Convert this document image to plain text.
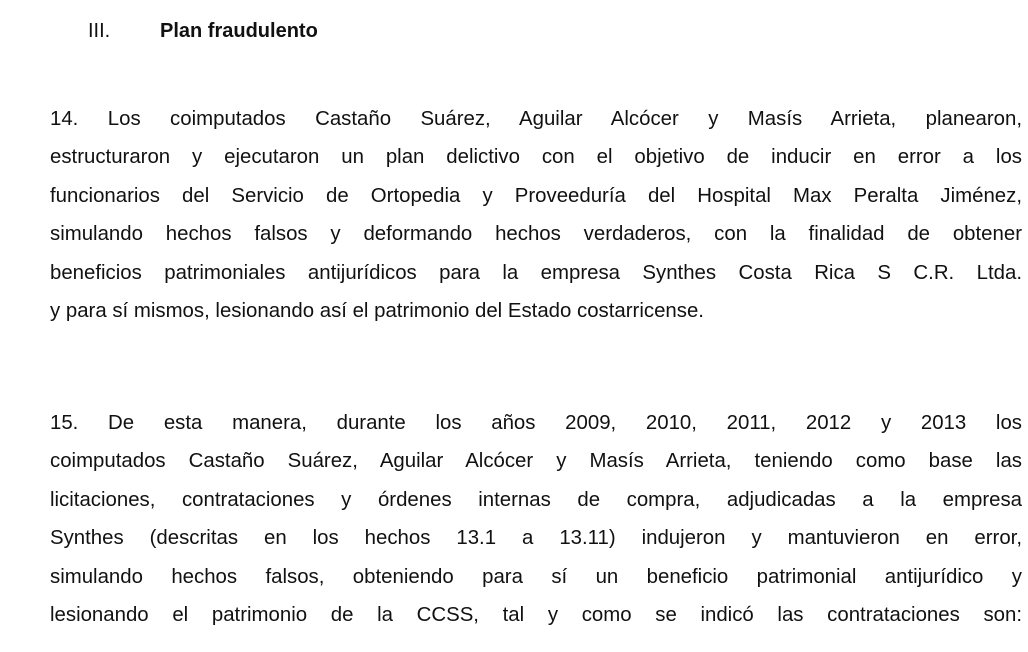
III. Plan fraudulento
14. Los coimputados Castaño Suárez, Aguilar Alcócer y Masís Arrieta, planearon,
estructuraron y ejecutaron un plan delictivo con el objetivo de inducir en error a los
funcionarios del Servicio de Ortopedia y Proveeduría del Hospital Max Peralta Jiménez,
simulando hechos falsos y deformando hechos verdaderos, con la finalidad de obtener
beneficios patrimoniales antijurídicos para la empresa Synthes Costa Rica S C.R. Ltda.
y para sí mismos, lesionando así el patrimonio del Estado costarricense.
15. De esta manera, durante los años 2009, 2010, 2011, 2012 y 2013 los
coimputados Castaño Suárez, Aguilar Alcócer y Masís Arrieta, teniendo como base las
licitaciones, contrataciones y órdenes internas de compra, adjudicadas a la empresa
Synthes (descritas en los hechos 13.1 a 13.11) indujeron y mantuvieron en error,
simulando hechos falsos, obteniendo para sí un beneficio patrimonial antijurídico y
lesionando el patrimonio de la CCSS, tal y como se indicó las contrataciones son:
